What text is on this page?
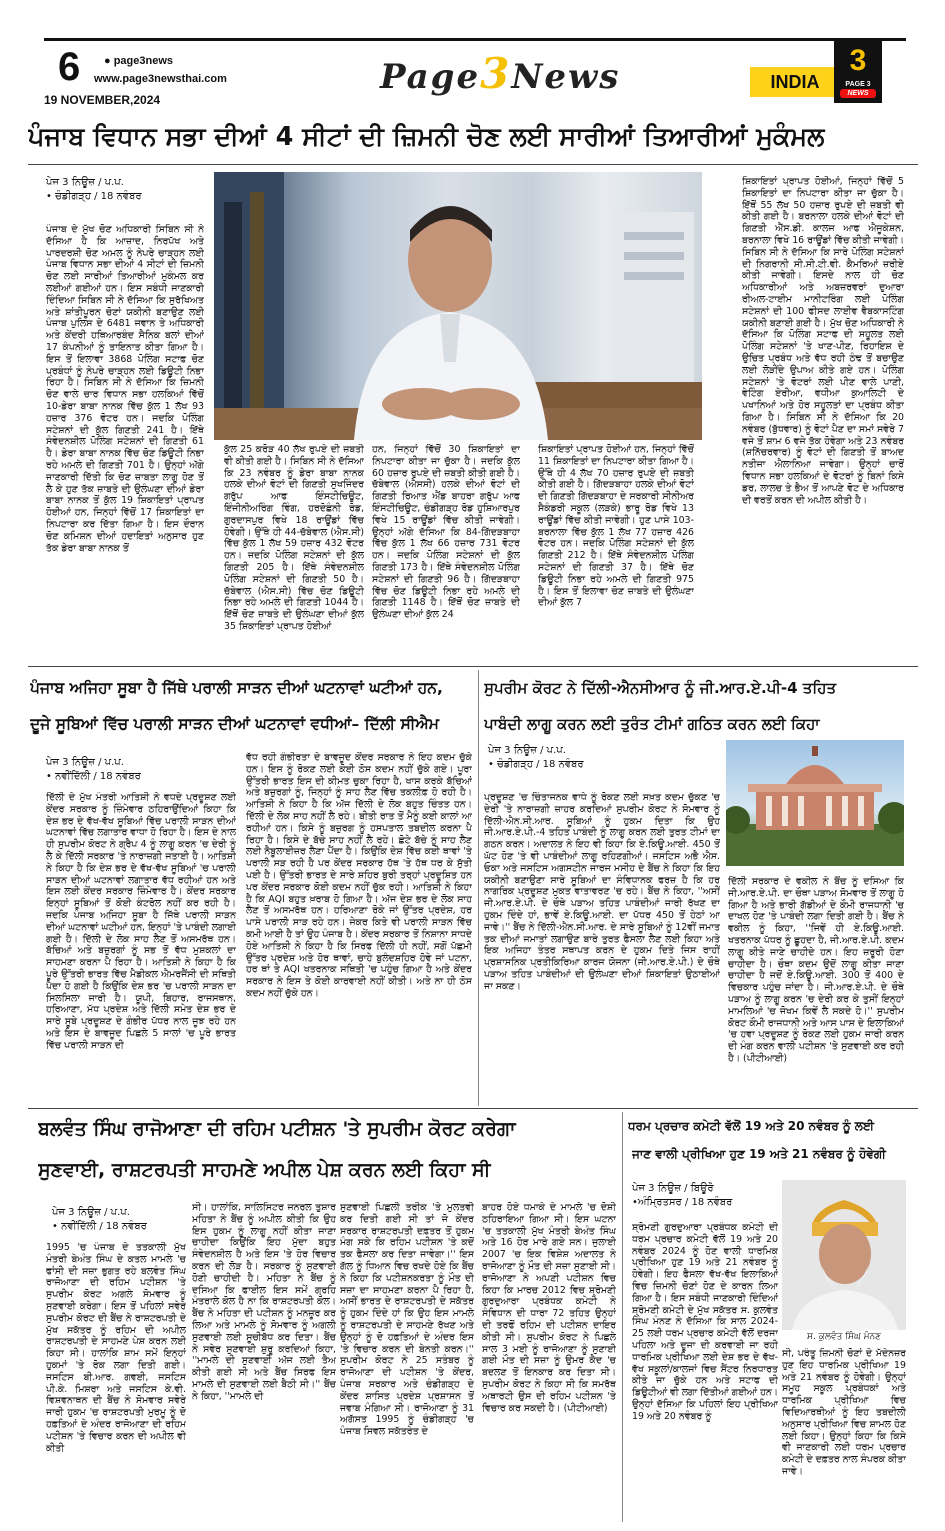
6 ● page3news
www.page3newsthai.com
19 NOVEMBER,2024
Page3News	INDIA
3
PAGE 3
NEWS
ਪੰਜਾਬ ਵਿਧਾਨ ਸਭਾ ਦੀਆਂ 4 ਸੀਟਾਂ ਦੀ ਜ਼ਿਮਨੀ ਚੋਣ ਲਈ ਸਾਰੀਆਂ ਤਿਆਰੀਆਂ ਮੁਕੰਮਲ
ਪੇਜ 3 ਨਿਊਜ਼ / ਪ.ਪ.
• ਚੰਡੀਗੜ੍ਹ / 18 ਨਵੰਬਰ
ਪੰਜਾਬ ਦੇ ਮੁੱਖ ਚੋਣ ਅਧਿਕਾਰੀ ਸਿਬਿਨ ਸੀ ਨੇ ਦੱਸਿਆ ਹੈ ਕਿ ਆਜ਼ਾਦ, ਨਿਰਪੱਖ ਅਤੇ ਪਾਰਦਰਸ਼ੀ ਚੋਣ ਅਮਲ ਨੂੰ ਨੇਪਰੇ ਚਾੜ੍ਹਨ ਲਈ ਪੰਜਾਬ ਵਿਧਾਨ ਸਭਾ ਦੀਆਂ 4 ਸੀਟਾਂ ਦੀ ਜ਼ਿਮਨੀ ਚੋਣ ਲਈ ਸਾਰੀਆਂ ਤਿਆਰੀਆਂ ਮੁਕੰਮਲ ਕਰ ਲਈਆਂ ਗਈਆਂ ਹਨ। ਇਸ ਸਬੰਧੀ ਜਾਣਕਾਰੀ ਦਿੰਦਿਆ ਸਿਬਿਨ ਸੀ ਨੇ ਦੱਸਿਆ ਕਿ ਸੁਰੱਖਿਅਤ ਅਤੇ ਸ਼ਾਂਤੀਪੂਰਨ ਚੋਣਾਂ ਯਕੀਨੀ ਬਣਾਉਣ ਲਈ ਪੰਜਾਬ ਪੁਲਿਸ ਦੇ 6481 ਜਵਾਨ ਤੇ ਅਧਿਕਾਰੀ ਅਤੇ ਕੇਂਦਰੀ ਹਥਿਆਰਬੰਦ ਸੈਨਿਕ ਬਲਾਂ ਦੀਆਂ 17 ਕੰਪਨੀਆਂ ਨੂੰ ਤਾਇਨਾਤ ਕੀਤਾ ਗਿਆ ਹੈ। ਇਸ ਤੋਂ ਇਲਾਵਾ 3868 ਪੋਲਿੰਗ ਸਟਾਫ ਚੋਣ ਪ੍ਰਬੰਧਾਂ ਨੂੰ ਨੇਪਰੇ ਚਾੜ੍ਹਨ ਲਈ ਡਿਊਟੀ ਨਿਭਾ ਰਿਹਾ ਹੈ। ਸਿਬਿਨ ਸੀ ਨੇ ਦੱਸਿਆ ਕਿ ਜ਼ਿਮਨੀ ਚੋਣ ਵਾਲੇ ਚਾਰ ਵਿਧਾਨ ਸਭਾ ਹਲਕਿਆਂ ਵਿੱਚੋਂ 10-ਡੇਰਾ ਬਾਬਾ ਨਾਨਕ ਵਿੱਚ ਕੁੱਲ 1 ਲੱਖ 93 ਹਜ਼ਾਰ 376 ਵੋਟਰ ਹਨ। ਜਦਕਿ ਪੋਲਿੰਗ ਸਟੇਸ਼ਨਾਂ ਦੀ ਕੁੱਲ ਗਿਣਤੀ 241 ਹੈ। ਇੱਥੇ ਸੰਵੇਦਨਸ਼ੀਲ ਪੋਲਿੰਗ ਸਟੇਸ਼ਨਾਂ ਦੀ ਗਿਣਤੀ 61 ਹੈ। ਡੇਰਾ ਬਾਬਾ ਨਾਨਕ ਵਿੱਚ ਚੋਣ ਡਿਊਟੀ ਨਿਭਾ ਰਹੇ ਅਮਲੇ ਦੀ ਗਿਣਤੀ 701 ਹੈ। ਉਨ੍ਹਾਂ ਅੱਗੇ ਜਾਣਕਾਰੀ ਦਿੱਤੀ ਕਿ ਚੋਣ ਜ਼ਾਬਤਾ ਲਾਗੂ ਹੋਣ ਤੋਂ ਲੈ ਕੇ ਹੁਣ ਤੱਕ ਜ਼ਾਬਤੇ ਦੀ ਉਲੰਘਣਾ ਦੀਆਂ ਡੇਰਾ ਬਾਬਾ ਨਾਨਕ ਤੋਂ ਕੁੱਲ 19 ਸ਼ਿਕਾਇਤਾਂ ਪ੍ਰਾਪਤ ਹੋਈਆਂ ਹਨ, ਜਿਨ੍ਹਾਂ ਵਿੱਚੋਂ 17 ਸ਼ਿਕਾਇਤਾਂ ਦਾ ਨਿਪਟਾਰਾ ਕਰ ਦਿੱਤਾ ਗਿਆ ਹੈ। ਇਸ ਦੌਰਾਨ ਚੋਣ ਕਮਿਸ਼ਨ ਦੀਆਂ ਹਦਾਇਤਾਂ ਅਨੁਸਾਰ ਹੁਣ ਤੱਕ ਡੇਰਾ ਬਾਬਾ ਨਾਨਕ ਤੋਂ
ਕੁੱਲ 25 ਕਰੋੜ 40 ਲੱਖ ਰੁਪਏ ਦੀ ਜ਼ਬਤੀ ਵੀ ਕੀਤੀ ਗਈ ਹੈ। ਸਿਬਿਨ ਸੀ ਨੇ ਦੱਸਿਆ ਕਿ 23 ਨਵੰਬਰ ਨੂੰ ਡੇਰਾ ਬਾਬਾ ਨਾਨਕ ਹਲਕੇ ਦੀਆਂ ਵੋਟਾਂ ਦੀ ਗਿਣਤੀ ਸੁਖਜਿੰਦਰ ਗਰੁੱਪ ਆਫ ਇੰਸਟੀਚਿਊਟ, ਇੰਜੀਨੀਅਰਿੰਗ ਵਿੰਗ, ਹਰਦੋਛੰਨੀ ਰੋਡ, ਗੁਰਦਾਸਪੁਰ ਵਿਖੇ 18 ਰਾਊਂਡਾਂ ਵਿੱਚ ਹੋਵੇਗੀ। ਉੱਥੇ ਹੀ 44-ਚੱਬੇਵਾਲ (ਐਸ.ਸੀ) ਵਿੱਚ ਕੁੱਲ 1 ਲੱਖ 59 ਹਜ਼ਾਰ 432 ਵੋਟਰ ਹਨ। ਜਦਕਿ ਪੋਲਿੰਗ ਸਟੇਸ਼ਨਾਂ ਦੀ ਕੁੱਲ ਗਿਣਤੀ 205 ਹੈ। ਇੱਥੇ ਸੰਵੇਦਨਸ਼ੀਲ ਪੋਲਿੰਗ ਸਟੇਸ਼ਨਾਂ ਦੀ ਗਿਣਤੀ 50 ਹੈ। ਚੱਬੇਵਾਲ (ਐਸ.ਸੀ) ਵਿੱਚ ਚੋਣ ਡਿਊਟੀ ਨਿਭਾ ਰਹੇ ਅਮਲੇ ਦੀ ਗਿਣਤੀ 1044 ਹੈ। ਇੱਥੋਂ ਚੋਣ ਜ਼ਾਬਤੇ ਦੀ ਉਲੰਘਣਾ ਦੀਆਂ ਕੁੱਲ 35 ਸ਼ਿਕਾਇਤਾਂ ਪ੍ਰਾਪਤ ਹੋਈਆਂ
ਹਨ, ਜਿਨ੍ਹਾਂ ਵਿੱਚੋਂ 30 ਸ਼ਿਕਾਇਤਾਂ ਦਾ ਨਿਪਟਾਰਾ ਕੀਤਾ ਜਾ ਚੁੱਕਾ ਹੈ। ਜਦਕਿ ਕੁੱਲ 60 ਹਜ਼ਾਰ ਰੁਪਏ ਦੀ ਜ਼ਬਤੀ ਕੀਤੀ ਗਈ ਹੈ। ਚੱਬੇਵਾਲ (ਐਸਸੀ) ਹਲਕੇ ਦੀਆਂ ਵੋਟਾਂ ਦੀ ਗਿਣਤੀ ਰਿਆਤ ਐਂਡ ਬਾਹਰਾ ਗਰੁੱਪ ਆਫ ਇੰਸਟੀਚਿਊਟ, ਚੰਡੀਗੜ੍ਹ ਰੋਡ ਹੁਸ਼ਿਆਰਪੁਰ ਵਿਖੇ 15 ਰਾਊਂਡਾਂ ਵਿੱਚ ਕੀਤੀ ਜਾਵੇਗੀ। ਉਨ੍ਹਾਂ ਅੱਗੇ ਦੱਸਿਆ ਕਿ 84-ਗਿੱਦੜਬਾਹਾ ਵਿੱਚ ਕੁੱਲ 1 ਲੱਖ 66 ਹਜ਼ਾਰ 731 ਵੋਟਰ ਹਨ। ਜਦਕਿ ਪੋਲਿੰਗ ਸਟੇਸ਼ਨਾਂ ਦੀ ਕੁੱਲ ਗਿਣਤੀ 173 ਹੈ। ਇੱਥੇ ਸੰਵੇਦਨਸ਼ੀਲ ਪੋਲਿੰਗ ਸਟੇਸ਼ਨਾਂ ਦੀ ਗਿਣਤੀ 96 ਹੈ। ਗਿੱਦੜਬਾਹਾ ਵਿੱਚ ਚੋਣ ਡਿਊਟੀ ਨਿਭਾ ਰਹੇ ਅਮਲੇ ਦੀ ਗਿਣਤੀ 1148 ਹੈ। ਇੱਥੋਂ ਚੋਣ ਜ਼ਾਬਤੇ ਦੀ ਉਲੰਘਣਾ ਦੀਆਂ ਕੁੱਲ 24
ਸ਼ਿਕਾਇਤਾਂ ਪ੍ਰਾਪਤ ਹੋਈਆਂ ਹਨ, ਜਿਨ੍ਹਾਂ ਵਿੱਚੋਂ 11 ਸ਼ਿਕਾਇਤਾਂ ਦਾ ਨਿਪਟਾਰਾ ਕੀਤਾ ਗਿਆ ਹੈ। ਉੱਥੇ ਹੀ 4 ਲੱਖ 70 ਹਜ਼ਾਰ ਰੁਪਏ ਦੀ ਜ਼ਬਤੀ ਕੀਤੀ ਗਈ ਹੈ। ਗਿੱਦੜਬਾਹਾ ਹਲਕੇ ਦੀਆਂ ਵੋਟਾਂ ਦੀ ਗਿਣਤੀ ਗਿੱਦੜਬਾਹਾ ਦੇ ਸਰਕਾਰੀ ਸੀਨੀਅਰ ਸੈਕੰਡਰੀ ਸਕੂਲ (ਲੜਕੇ) ਭਾਰੂ ਰੋਡ ਵਿਖੇ 13 ਰਾਊਂਡਾਂ ਵਿੱਚ ਕੀਤੀ ਜਾਵੇਗੀ। ਹੁਣ ਪਾਸੇ 103-ਬਰਨਾਲਾ ਵਿੱਚ ਕੁੱਲ 1 ਲੱਖ 77 ਹਜ਼ਾਰ 426 ਵੋਟਰ ਹਨ। ਜਦਕਿ ਪੋਲਿੰਗ ਸਟੇਸ਼ਨਾਂ ਦੀ ਕੁੱਲ ਗਿਣਤੀ 212 ਹੈ। ਇੱਥੇ ਸੰਵੇਦਨਸ਼ੀਲ ਪੋਲਿੰਗ ਸਟੇਸ਼ਨਾਂ ਦੀ ਗਿਣਤੀ 37 ਹੈ। ਇੱਥੇ ਚੋਣ ਡਿਊਟੀ ਨਿਭਾ ਰਹੇ ਅਮਲੇ ਦੀ ਗਿਣਤੀ 975 ਹੈ। ਇਸ ਤੋਂ ਇਲਾਵਾ ਚੋਣ ਜ਼ਾਬਤੇ ਦੀ ਉਲੰਘਣਾ ਦੀਆਂ ਕੁੱਲ 7
ਸ਼ਿਕਾਇਤਾਂ ਪ੍ਰਾਪਤ ਹੋਈਆਂ, ਜਿਨ੍ਹਾਂ ਵਿੱਚੋਂ 5 ਸ਼ਿਕਾਇਤਾਂ ਦਾ ਨਿਪਟਾਰਾ ਕੀਤਾ ਜਾ ਚੁੱਕਾ ਹੈ। ਇੱਥੋਂ 55 ਲੱਖ 50 ਹਜ਼ਾਰ ਰੁਪਏ ਦੀ ਜ਼ਬਤੀ ਵੀ ਕੀਤੀ ਗਈ ਹੈ। ਬਰਨਾਲਾ ਹਲਕੇ ਦੀਆਂ ਵੋਟਾਂ ਦੀ ਗਿਣਤੀ ਐੱਸ.ਡੀ. ਕਾਲਜ ਆਫ ਐਜੂਕੇਸ਼ਨ, ਬਰਨਾਲਾ ਵਿਖੇ 16 ਰਾਊਂਡਾਂ ਵਿੱਚ ਕੀਤੀ ਜਾਵੇਗੀ। ਸਿਬਿਨ ਸੀ ਨੇ ਦੱਸਿਆ ਕਿ ਸਾਰੇ ਪੋਲਿੰਗ ਸਟੇਸ਼ਨਾਂ ਦੀ ਨਿਗਰਾਨੀ ਸੀ.ਸੀ.ਟੀ.ਵੀ. ਕੈਮਰਿਆਂ ਜ਼ਰੀਏ ਕੀਤੀ ਜਾਵੇਗੀ। ਇਸਦੇ ਨਾਲ ਹੀ ਚੋਣ ਅਧਿਕਾਰੀਆਂ ਅਤੇ ਅਬਜ਼ਰਵਰਾਂ ਦੁਆਰਾ ਰੀਅਲ-ਟਾਈਮ ਮਾਨੀਟਰਿੰਗ ਲਈ ਪੋਲਿੰਗ ਸਟੇਸ਼ਨਾਂ ਦੀ 100 ਫੀਸਦ ਲਾਈਵ ਵੈਬਕਾਸਟਿੰਗ ਯਕੀਨੀ ਬਣਾਈ ਗਈ ਹੈ। ਮੁੱਖ ਚੋਣ ਅਧਿਕਾਰੀ ਨੇ ਦੱਸਿਆ ਕਿ ਪੋਲਿੰਗ ਸਟਾਫ ਦੀ ਸਹੂਲਤ ਲਈ ਪੋਲਿੰਗ ਸਟੇਸ਼ਨਾਂ 'ਤੇ ਖਾਣ-ਪੀਣ, ਰਿਹਾਇਸ਼ ਦੇ ਉਚਿਤ ਪ੍ਰਬੰਧ ਅਤੇ ਵੱਧ ਰਹੀ ਠੰਢ ਤੋਂ ਬਚਾਉਣ ਲਈ ਲੋੜੀਂਦੇ ਉਪਾਅ ਕੀਤੇ ਗਏ ਹਨ। ਪੋਲਿੰਗ ਸਟੇਸ਼ਨਾਂ 'ਤੇ ਵੋਟਰਾਂ ਲਈ ਪੀਣ ਵਾਲੇ ਪਾਣੀ, ਵੇਟਿੰਗ ਏਰੀਆ, ਵਧੀਆ ਕੁਆਲਿਟੀ ਦੇ ਪਖਾਨਿਆਂ ਅਤੇ ਹੋਰ ਸਹੂਲਤਾਂ ਦਾ ਪ੍ਰਬੰਧ ਕੀਤਾ ਗਿਆ ਹੈ। ਸਿਬਿਨ ਸੀ ਨੇ ਦੱਸਿਆ ਕਿ 20 ਨਵੰਬਰ (ਬੁੱਧਵਾਰ) ਨੂੰ ਵੋਟਾਂ ਪੈਣ ਦਾ ਸਮਾਂ ਸਵੇਰੇ 7 ਵਜੇ ਤੋਂ ਸ਼ਾਮ 6 ਵਜੇ ਤੱਕ ਹੋਵੇਗਾ ਅਤੇ 23 ਨਵੰਬਰ (ਸ਼ਨਿੱਚਰਵਾਰ) ਨੂੰ ਵੋਟਾਂ ਦੀ ਗਿਣਤੀ ਤੋਂ ਬਾਅਦ ਨਤੀਜਾ ਐਲਾਨਿਆ ਜਾਵੇਗਾ। ਉਨ੍ਹਾਂ ਚਾਰੋਂ ਵਿਧਾਨ ਸਭਾ ਹਲਕਿਆਂ ਦੇ ਵੋਟਰਾਂ ਨੂੰ ਬਿਨਾਂ ਕਿਸੇ ਡਰ, ਲਾਲਚ ਤੇ ਭੈਅ ਤੋਂ ਆਪਣੇ ਵੋਟ ਦੇ ਅਧਿਕਾਰ ਦੀ ਵਰਤੋਂ ਕਰਨ ਦੀ ਅਪੀਲ ਕੀਤੀ ਹੈ।
ਪੰਜਾਬ ਅਜਿਹਾ ਸੂਬਾ ਹੈ ਜਿੱਥੇ ਪਰਾਲੀ ਸਾੜਨ ਦੀਆਂ ਘਟਨਾਵਾਂ ਘਟੀਆਂ ਹਨ,
ਦੂਜੇ ਸੂਬਿਆਂ ਵਿੱਚ ਪਰਾਲੀ ਸਾੜਨ ਦੀਆਂ ਘਟਨਾਵਾਂ ਵਧੀਆਂ– ਦਿੱਲੀ ਸੀਐਮ
ਪੇਜ 3 ਨਿਊਜ਼ / ਪ.ਪ.
• ਨਵੀਂਦਿੱਲੀ / 18 ਨਵੰਬਰ
ਦਿੱਲੀ ਦੇ ਮੁੱਖ ਮੰਤਰੀ ਆਤਿਸ਼ੀ ਨੇ ਵਧਦੇ ਪ੍ਰਦੂਸ਼ਣ ਲਈ ਕੇਂਦਰ ਸਰਕਾਰ ਨੂੰ ਜ਼ਿੰਮੇਵਾਰ ਠਹਿਰਾਉਂਦਿਆਂ ਕਿਹਾ ਕਿ ਦੇਸ਼ ਭਰ ਦੇ ਵੱਖ-ਵੱਖ ਸੂਬਿਆਂ ਵਿੱਚ ਪਰਾਲੀ ਸਾੜਨ ਦੀਆਂ ਘਟਨਾਵਾਂ ਵਿੱਚ ਲਗਾਤਾਰ ਵਾਧਾ ਹੋ ਰਿਹਾ ਹੈ। ਇਸ ਦੇ ਨਾਲ ਹੀ ਸੁਪਰੀਮ ਕੋਰਟ ਨੇ ਗ੍ਰੈਪ 4 ਨੂੰ ਲਾਗੂ ਕਰਨ 'ਚ ਦੇਰੀ ਨੂੰ ਲੈ ਕੇ ਦਿੱਲੀ ਸਰਕਾਰ 'ਤੇ ਨਾਰਾਜ਼ਗੀ ਜਤਾਈ ਹੈ। ਆਤਿਸ਼ੀ ਨੇ ਕਿਹਾ ਹੈ ਕਿ ਦੇਸ਼ ਭਰ ਦੇ ਵੱਖ-ਵੱਖ ਸੂਬਿਆਂ 'ਚ ਪਰਾਲੀ ਸਾੜਨ ਦੀਆਂ ਘਟਨਾਵਾਂ ਲਗਾਤਾਰ ਵੱਧ ਰਹੀਆਂ ਹਨ ਅਤੇ ਇਸ ਲਈ ਕੇਂਦਰ ਸਰਕਾਰ ਜ਼ਿੰਮੇਵਾਰ ਹੈ। ਕੇਂਦਰ ਸਰਕਾਰ ਇਨ੍ਹਾਂ ਸੂਬਿਆਂ ਤੋਂ ਕੋਈ ਕੰਟਰੋਲ ਨਹੀਂ ਕਰ ਰਹੀ ਹੈ। ਜਦਕਿ ਪੰਜਾਬ ਅਜਿਹਾ ਸੂਬਾ ਹੈ ਜਿੱਥੇ ਪਰਾਲੀ ਸਾੜਨ ਦੀਆਂ ਘਟਨਾਵਾਂ ਘਟੀਆਂ ਹਨ, ਇਨ੍ਹਾਂ 'ਤੇ ਪਾਬੰਦੀ ਲਗਾਈ ਗਈ ਹੈ। ਦਿੱਲੀ ਦੇ ਲੋਕ ਸਾਹ ਲੈਣ ਤੋਂ ਅਸਮਰੱਥ ਹਨ। ਬੱਚਿਆਂ ਅਤੇ ਬਜ਼ੁਰਗਾਂ ਨੂੰ ਸਭ ਤੋਂ ਵੱਧ ਮੁਸ਼ਕਲਾਂ ਦਾ ਸਾਹਮਣਾ ਕਰਨਾ ਪੈ ਰਿਹਾ ਹੈ। ਆਤਿਸ਼ੀ ਨੇ ਕਿਹਾ ਹੈ ਕਿ ਪੂਰੇ ਉੱਤਰੀ ਭਾਰਤ ਵਿੱਚ ਮੈਡੀਕਲ ਐਮਰਜੈਂਸੀ ਦੀ ਸਥਿਤੀ ਪੈਦਾ ਹੋ ਗਈ ਹੈ ਕਿਉਂਕਿ ਦੇਸ਼ ਭਰ 'ਚ ਪਰਾਲੀ ਸਾੜਨ ਦਾ ਸਿਲਸਿਲਾ ਜਾਰੀ ਹੈ। ਯੂਪੀ, ਬਿਹਾਰ, ਰਾਜਸਥਾਨ, ਹਰਿਆਣਾ, ਮੱਧ ਪ੍ਰਦੇਸ਼ ਅਤੇ ਦਿੱਲੀ ਸਮੇਤ ਦੇਸ਼ ਭਰ ਦੇ ਸਾਰੇ ਸੂਬੇ ਪ੍ਰਦੂਸ਼ਣ ਦੇ ਗੰਭੀਰ ਪੱਧਰ ਨਾਲ ਜੂਝ ਰਹੇ ਹਨ ਅਤੇ ਇਸ ਦੇ ਬਾਵਜੂਦ ਪਿਛਲੇ 5 ਸਾਲਾਂ 'ਚ ਪੂਰੇ ਭਾਰਤ ਵਿੱਚ ਪਰਾਲੀ ਸਾੜਨ ਦੀ
ਵੱਧ ਰਹੀ ਗੰਭੀਰਤਾ ਦੇ ਬਾਵਜੂਦ ਕੇਂਦਰ ਸਰਕਾਰ ਨੇ ਇਹ ਕਦਮ ਚੁੱਕੇ ਹਨ। ਇਸ ਨੂੰ ਰੋਕਣ ਲਈ ਕੋਈ ਠੋਸ ਕਦਮ ਨਹੀਂ ਚੁੱਕੇ ਗਏ। ਪੂਰਾ ਉੱਤਰੀ ਭਾਰਤ ਇਸ ਦੀ ਕੀਮਤ ਚੁਕਾ ਰਿਹਾ ਹੈ, ਖਾਸ ਕਰਕੇ ਬੱਚਿਆਂ ਅਤੇ ਬਜ਼ੁਰਗਾਂ ਨੂੰ, ਜਿਨ੍ਹਾਂ ਨੂੰ ਸਾਹ ਲੈਣ ਵਿੱਚ ਤਕਲੀਫ਼ ਹੋ ਰਹੀ ਹੈ। ਆਤਿਸ਼ੀ ਨੇ ਕਿਹਾ ਹੈ ਕਿ ਅੱਜ ਦਿੱਲੀ ਦੇ ਲੋਕ ਬਹੁਤ ਚਿੰਤਤ ਹਨ। ਦਿੱਲੀ ਦੇ ਲੋਕ ਸਾਹ ਨਹੀਂ ਲੈ ਰਹੇ। ਬੀਤੀ ਰਾਤ ਤੋਂ ਮੈਨੂੰ ਕਈ ਕਾਲਾਂ ਆ ਰਹੀਆਂ ਹਨ। ਕਿਸੇ ਨੂੰ ਬਜ਼ੁਰਗ ਨੂੰ ਹਸਪਤਾਲ ਤਬਦੀਲ ਕਰਨਾ ਪੈ ਰਿਹਾ ਹੈ। ਕਿਸੇ ਦੇ ਬੱਚੇ ਸਾਹ ਨਹੀਂ ਲੈ ਰਹੇ। ਛੋਟੇ ਬੱਚੇ ਨੂੰ ਸਾਹ ਲੈਣ ਲਈ ਨੈਬੂਲਾਈਜ਼ਰ ਲੈਣਾ ਪੈਂਦਾ ਹੈ। ਕਿਉਂਕਿ ਦੇਸ਼ ਵਿੱਚ ਕਈ ਥਾਵਾਂ 'ਤੇ ਪਰਾਲੀ ਸੜ ਰਹੀ ਹੈ ਪਰ ਕੇਂਦਰ ਸਰਕਾਰ ਹੱਥ 'ਤੇ ਹੱਥ ਧਰ ਕੇ ਸੁੱਤੀ ਪਈ ਹੈ। ਉੱਤਰੀ ਭਾਰਤ ਦੇ ਸਾਰੇ ਸ਼ਹਿਰ ਬੁਰੀ ਤਰ੍ਹਾਂ ਪ੍ਰਦੂਸ਼ਿਤ ਹਨ ਪਰ ਕੇਂਦਰ ਸਰਕਾਰ ਕੋਈ ਕਦਮ ਨਹੀਂ ਚੁੱਕ ਰਹੀ। ਆਤਿਸ਼ੀ ਨੇ ਕਿਹਾ ਹੈ ਕਿ AQI ਬਹੁਤ ਖ਼ਰਾਬ ਹੋ ਗਿਆ ਹੈ। ਅੱਜ ਦੇਸ਼ ਭਰ ਦੇ ਲੋਕ ਸਾਹ ਲੈਣ ਤੋਂ ਅਸਮਰੱਥ ਹਨ। ਹਰਿਆਣਾ ਰੋਕੇ ਜਾਂ ਉੱਤਰ ਪ੍ਰਦੇਸ਼, ਹਰ ਪਾਸੇ ਪਰਾਲੀ ਸਾੜ ਰਹੇ ਹਨ। ਜੇਕਰ ਕਿਤੇ ਵੀ ਪਰਾਲੀ ਸਾੜਨ ਵਿੱਚ ਕਮੀ ਆਈ ਹੈ ਤਾਂ ਉਹ ਪੰਜਾਬ ਹੈ। ਕੇਂਦਰ ਸਰਕਾਰ ਤੋਂ ਨਿਸ਼ਾਨਾ ਸਾਧਦੇ ਹੋਏ ਆਤਿਸ਼ੀ ਨੇ ਕਿਹਾ ਹੈ ਕਿ ਸਿਰਫ ਦਿੱਲੀ ਹੀ ਨਹੀਂ, ਸਗੋਂ ਪੱਛਮੀ ਉੱਤਰ ਪ੍ਰਦੇਸ਼ ਅਤੇ ਹੋਰ ਥਾਵਾਂ, ਚਾਹੇ ਬੁਲੰਦਸ਼ਹਿਰ ਹੋਵੇ ਜਾਂ ਪਟਨਾ, ਹਰ ਥਾਂ ਤੇ AQI ਖਤਰਨਾਕ ਸਥਿਤੀ 'ਚ ਪਹੁੰਚ ਗਿਆ ਹੈ ਅਤੇ ਕੇਂਦਰ ਸਰਕਾਰ ਨੇ ਇਸ ਤੇ ਕੋਈ ਕਾਰਵਾਈ ਨਹੀਂ ਕੀਤੀ। ਅਤੇ ਨਾ ਹੀ ਠੋਸ ਕਦਮ ਨਹੀਂ ਚੁੱਕੇ ਹਨ।
ਸੁਪਰੀਮ ਕੋਰਟ ਨੇ ਦਿੱਲੀ-ਐਨਸੀਆਰ ਨੂੰ ਜੀ.ਆਰ.ਏ.ਪੀ-4 ਤਹਿਤ
ਪਾਬੰਦੀ ਲਾਗੂ ਕਰਨ ਲਈ ਤੁਰੰਤ ਟੀਮਾਂ ਗਠਿਤ ਕਰਨ ਲਈ ਕਿਹਾ
ਪੇਜ 3 ਨਿਊਜ਼ / ਪ.ਪ.
• ਚੰਡੀਗੜ੍ਹ / 18 ਨਵੰਬਰ
ਪ੍ਰਦੂਸ਼ਣ 'ਚ ਚਿੰਤਾਜਨਕ ਵਾਧੇ ਨੂੰ ਰੋਕਣ ਲਈ ਸਖ਼ਤ ਕਦਮ ਚੁੱਕਣ 'ਚ ਦੇਰੀ 'ਤੇ ਨਾਰਾਜ਼ਗੀ ਜ਼ਾਹਰ ਕਰਦਿਆਂ ਸੁਪਰੀਮ ਕੋਰਟ ਨੇ ਸੋਮਵਾਰ ਨੂੰ ਦਿੱਲੀ-ਐਨ.ਸੀ.ਆਰ. ਸੂਬਿਆਂ ਨੂੰ ਹੁਕਮ ਦਿਤਾ ਕਿ ਉਹ ਜੀ.ਆਰ.ਏ.ਪੀ.-4 ਤਹਿਤ ਪਾਬੰਦੀ ਨੂੰ ਲਾਗੂ ਕਰਨ ਲਈ ਤੁਰਤ ਟੀਮਾਂ ਦਾ ਗਠਨ ਕਰਨ। ਅਦਾਲਤ ਨੇ ਇਹ ਵੀ ਕਿਹਾ ਕਿ ਏ.ਕਿਊ.ਆਈ. 450 ਤੋਂ ਘੱਟ ਹੋਣ 'ਤੇ ਵੀ ਪਾਬੰਦੀਆਂ ਲਾਗੂ ਰਹਿਣਗੀਆਂ। ਜਸਟਿਸ ਅਭੈ ਐਸ. ਓਕਾ ਅਤੇ ਜਸਟਿਸ ਅਗਸਟੀਨ ਜਾਰਜ ਮਸੀਹ ਦੇ ਬੈਂਚ ਨੇ ਕਿਹਾ ਕਿ ਇਹ ਯਕੀਨੀ ਬਣਾਉਣਾ ਸਾਰੇ ਸੂਬਿਆਂ ਦਾ ਸੰਵਿਧਾਨਕ ਫਰਜ਼ ਹੈ ਕਿ ਹਰ ਨਾਗਰਿਕ ਪ੍ਰਦੂਸ਼ਣ ਮੁਕਤ ਵਾਤਾਵਰਣ 'ਚ ਰਹੇ। ਬੈਂਚ ਨੇ ਕਿਹਾ, ''ਅਸੀਂ ਜੀ.ਆਰ.ਏ.ਪੀ. ਦੇ ਚੌਥੇ ਪੜਾਅ ਤਹਿਤ ਪਾਬੰਦੀਆਂ ਜਾਰੀ ਰੱਖਣ ਦਾ ਹੁਕਮ ਦਿੰਦੇ ਹਾਂ, ਭਾਵੇਂ ਏ.ਕਿਊ.ਆਈ. ਦਾ ਪੱਧਰ 450 ਤੋਂ ਹੇਠਾਂ ਆ ਜਾਵੇ।'' ਬੈਂਚ ਨੇ ਦਿੱਲੀ-ਐਨ.ਸੀ.ਆਰ. ਦੇ ਸਾਰੇ ਸੂਬਿਆਂ ਨੂੰ 12ਵੀਂ ਜਮਾਤ ਤਕ ਦੀਆਂ ਜਮਾਤਾਂ ਲਗਾਉਣ ਬਾਰੇ ਤੁਰਤ ਫੈਸਲਾ ਲੈਣ ਲਈ ਕਿਹਾ ਅਤੇ ਇਕ ਅਜਿਹਾ ਤੰਤਰ ਸਥਾਪਤ ਕਰਨ ਦੇ ਹੁਕਮ ਦਿਤੇ ਜਿਸ ਰਾਹੀਂ ਪ੍ਰਸ਼ਾਸਨਿਕ ਪ੍ਰਤੀਕਿਰਿਆ ਕਾਰਜ ਯੋਜਨਾ (ਜੀ.ਆਰ.ਏ.ਪੀ.) ਦੇ ਚੌਥੇ ਪੜਾਅ ਤਹਿਤ ਪਾਬੰਦੀਆਂ ਦੀ ਉਲੰਘਣਾ ਦੀਆਂ ਸ਼ਿਕਾਇਤਾਂ ਉਠਾਈਆਂ ਜਾ ਸਕਣ।
ਦਿੱਲੀ ਸਰਕਾਰ ਦੇ ਵਕੀਲ ਨੇ ਬੈਂਚ ਨੂੰ ਦਸਿਆ ਕਿ ਜੀ.ਆਰ.ਏ.ਪੀ. ਦਾ ਚੌਥਾ ਪੜਾਅ ਸੋਮਵਾਰ ਤੋਂ ਲਾਗੂ ਹੋ ਗਿਆ ਹੈ ਅਤੇ ਭਾਰੀ ਗੱਡੀਆਂ ਦੇ ਕੌਮੀ ਰਾਜਧਾਨੀ 'ਚ ਦਾਖਲ ਹੋਣ 'ਤੇ ਪਾਬੰਦੀ ਲਗਾ ਦਿਤੀ ਗਈ ਹੈ। ਬੈਂਚ ਨੇ ਵਕੀਲ ਨੂੰ ਕਿਹਾ, ''ਜਿਵੇਂ ਹੀ ਏ.ਕਿਊ.ਆਈ. ਖਤਰਨਾਕ ਪੱਧਰ ਨੂੰ ਛੂਹਦਾ ਹੈ, ਜੀ.ਆਰ.ਏ.ਪੀ. ਕਦਮ ਲਾਗੂ ਕੀਤੇ ਜਾਣੇ ਚਾਹੀਦੇ ਹਨ। ਇਹ ਜ਼ਰੂਰੀ ਹੋਣਾ ਚਾਹੀਦਾ ਹੈ। ਚੌਥਾ ਕਦਮ ਉਦੋਂ ਲਾਗੂ ਕੀਤਾ ਜਾਣਾ ਚਾਹੀਦਾ ਹੈ ਜਦੋਂ ਏ.ਕਿਊ.ਆਈ. 300 ਤੋਂ 400 ਦੇ ਵਿਚਕਾਰ ਪਹੁੰਚ ਜਾਂਦਾ ਹੈ। ਜੀ.ਆਰ.ਏ.ਪੀ. ਦੇ ਚੌਥੇ ਪੜਾਅ ਨੂੰ ਲਾਗੂ ਕਰਨ 'ਚ ਦੇਰੀ ਕਰ ਕੇ ਤੁਸੀਂ ਇਨ੍ਹਾਂ ਮਾਮਲਿਆਂ 'ਚ ਜੋਖਮ ਕਿਵੇਂ ਲੈ ਸਕਦੇ ਹੋ।'' ਸੁਪਰੀਮ ਕੋਰਟ ਕੌਮੀ ਰਾਜਧਾਨੀ ਅਤੇ ਆਸ ਪਾਸ ਦੇ ਇਲਾਕਿਆਂ 'ਚ ਹਵਾ ਪ੍ਰਦੂਸ਼ਣ ਨੂੰ ਰੋਕਣ ਲਈ ਹੁਕਮ ਜਾਰੀ ਕਰਨ ਦੀ ਮੰਗ ਕਰਨ ਵਾਲੀ ਪਟੀਸ਼ਨ 'ਤੇ ਸੁਣਵਾਈ ਕਰ ਰਹੀ ਹੈ। (ਪੀਟੀਆਈ)
ਬਲਵੰਤ ਸਿੰਘ ਰਾਜੋਆਣਾ ਦੀ ਰਹਿਮ ਪਟੀਸ਼ਨ 'ਤੇ ਸੁਪਰੀਮ ਕੋਰਟ ਕਰੇਗਾ
ਸੁਣਵਾਈ, ਰਾਸ਼ਟਰਪਤੀ ਸਾਹਮਣੇ ਅਪੀਲ ਪੇਸ਼ ਕਰਨ ਲਈ ਕਿਹਾ ਸੀ
ਪੇਜ 3 ਨਿਊਜ਼ / ਪ.ਪ.
• ਨਵੀਂਦਿੱਲੀ / 18 ਨਵੰਬਰ
1995 'ਚ ਪੰਜਾਬ ਦੇ ਤਤਕਾਲੀ ਮੁੱਖ ਮੰਤਰੀ ਬੇਅੰਤ ਸਿੰਘ ਦੇ ਕਤਲ ਮਾਮਲੇ 'ਚ ਫਾਂਸੀ ਦੀ ਸਜ਼ਾ ਭੁਗਤ ਰਹੇ ਬਲਵੰਤ ਸਿੰਘ ਰਾਜੋਆਣਾ ਦੀ ਰਹਿਮ ਪਟੀਸ਼ਨ 'ਤੇ ਸੁਪਰੀਮ ਕੋਰਟ ਅਗਲੇ ਸੋਮਵਾਰ ਨੂੰ ਸੁਣਵਾਈ ਕਰੇਗਾ। ਇਸ ਤੋਂ ਪਹਿਲਾਂ ਸਵੇਰੇ ਸੁਪਰੀਮ ਕੋਰਟ ਦੀ ਬੈਂਚ ਨੇ ਰਾਸ਼ਟਰਪਤੀ ਦੇ ਮੁੱਖ ਸਕੱਤਰ ਨੂੰ ਰਹਿਮ ਦੀ ਅਪੀਲ ਰਾਸ਼ਟਰਪਤੀ ਦੇ ਸਾਹਮਣੇ ਪੇਸ਼ ਕਰਨ ਲਈ ਕਿਹਾ ਸੀ। ਹਾਲਾਂਕਿ ਸ਼ਾਮ ਸਮੇਂ ਇਨ੍ਹਾਂ ਹੁਕਮਾਂ 'ਤੇ ਰੋਕ ਲਗਾ ਦਿਤੀ ਗਈ। ਜਸਟਿਸ ਬੀ.ਆਰ. ਗਵਈ, ਜਸਟਿਸ ਪੀ.ਕੇ. ਮਿਸ਼ਰਾ ਅਤੇ ਜਸਟਿਸ ਕੇ.ਵੀ. ਵਿਸ਼ਵਨਾਥਨ ਦੀ ਬੈਂਚ ਨੇ ਸੋਮਵਾਰ ਸਵੇਰੇ ਜਾਰੀ ਹੁਕਮ 'ਚ ਰਾਸ਼ਟਰਪਤੀ ਮੁਰਮੂ ਨੂੰ ਦੋ ਹਫ਼ਤਿਆਂ ਦੇ ਅੰਦਰ ਰਾਜੋਆਣਾ ਦੀ ਰਹਿਮ ਪਟੀਸ਼ਨ 'ਤੇ ਵਿਚਾਰ ਕਰਨ ਦੀ ਅਪੀਲ ਵੀ ਕੀਤੀ
ਸੀ। ਹਾਲਾਂਕਿ, ਸਾਲਿਸਿਟਰ ਜਨਰਲ ਤੁਸ਼ਾਰ ਮਹਿਤਾ ਨੇ ਬੈਂਚ ਨੂੰ ਅਪੀਲ ਕੀਤੀ ਕਿ ਉਹ ਇਸ ਹੁਕਮ ਨੂੰ ਲਾਗੂ ਨਹੀਂ ਕੀਤਾ ਜਾਣਾ ਚਾਹੀਦਾ ਕਿਉਂਕਿ ਇਹ ਮੁੱਦਾ ਬਹੁਤ ਸੰਵੇਦਨਸ਼ੀਲ ਹੈ ਅਤੇ ਇਸ 'ਤੇ ਹੋਰ ਵਿਚਾਰ ਕਰਨ ਦੀ ਲੋੜ ਹੈ। ਸਰਕਾਰ ਨੂੰ ਸੁਣਵਾਈ ਹੋਣੀ ਚਾਹੀਦੀ ਹੈ। ਮਹਿਤਾ ਨੇ ਬੈਂਚ ਨੂੰ ਦਸਿਆ ਕਿ ਫਾਈਲ ਇਸ ਸਮੇਂ ਗ੍ਰਹਿ ਮੰਤਰਾਲੇ ਕੋਲ ਹੈ ਨਾ ਕਿ ਰਾਸ਼ਟਰਪਤੀ ਕੋਲ। ਬੈਂਚ ਨੇ ਮਹਿਤਾ ਦੀ ਪਟੀਸ਼ਨ ਨੂੰ ਮਨਜ਼ੂਰ ਕਰ ਲਿਆ ਅਤੇ ਮਾਮਲੇ ਨੂੰ ਸੋਮਵਾਰ ਨੂੰ ਅਗਲੀ ਸੁਣਵਾਈ ਲਈ ਸੂਚੀਬੱਧ ਕਰ ਦਿਤਾ। ਬੈਂਚ ਨੇ ਸਵੇਰ ਸੁਣਵਾਈ ਸ਼ੁਰੂ ਕਰਦਿਆਂ ਕਿਹਾ, ''ਮਾਮਲੇ ਦੀ ਸੁਣਵਾਈ ਅੱਜ ਲਈ ਤੈਅ ਕੀਤੀ ਗਈ ਸੀ ਅਤੇ ਬੈਂਚ ਸਿਰਫ ਇਸ ਮਾਮਲੇ ਦੀ ਸੁਣਵਾਈ ਲਈ ਬੈਠੀ ਸੀ।'' ਬੈਂਚ ਨੇ ਕਿਹਾ, ''ਮਾਮਲੇ ਦੀ
ਸੁਣਵਾਈ ਪਿਛਲੀ ਤਰੀਕ 'ਤੇ ਮੁਲਤਵੀ ਕਰ ਦਿਤੀ ਗਈ ਸੀ ਤਾਂ ਜੋ ਕੇਂਦਰ ਸਰਕਾਰ ਰਾਸ਼ਟਰਪਤੀ ਦਫ਼ਤਰ ਤੋਂ ਹੁਕਮ ਮੰਗ ਸਕੇ ਕਿ ਰਹਿਮ ਪਟੀਸ਼ਨ 'ਤੇ ਕਦੋਂ ਤਕ ਫੈਸਲਾ ਕਰ ਦਿਤਾ ਜਾਵੇਗਾ।'' ਇਸ ਗੱਲ ਨੂੰ ਧਿਆਨ ਵਿਚ ਰਖਦੇ ਹੋਏ ਕਿ ਬੈਂਚ ਨੇ ਕਿਹਾ ਕਿ ਪਟੀਸ਼ਨਕਰਤਾ ਨੂੰ ਮੌਤ ਦੀ ਸਜ਼ਾ ਦਾ ਸਾਹਮਣਾ ਕਰਨਾ ਪੈ ਰਿਹਾ ਹੈ, ਅਸੀਂ ਭਾਰਤ ਦੇ ਰਾਸ਼ਟਰਪਤੀ ਦੇ ਸਕੱਤਰ ਨੂੰ ਹੁਕਮ ਦਿੰਦੇ ਹਾਂ ਕਿ ਉਹ ਇਸ ਮਾਮਲੇ ਨੂੰ ਰਾਸ਼ਟਰਪਤੀ ਦੇ ਸਾਹਮਣੇ ਰੱਖਣ ਅਤੇ ਉਨ੍ਹਾਂ ਨੂੰ ਦੋ ਹਫ਼ਤਿਆਂ ਦੇ ਅੰਦਰ ਇਸ 'ਤੇ ਵਿਚਾਰ ਕਰਨ ਦੀ ਬੇਨਤੀ ਕਰਨ।'' ਸੁਪਰੀਮ ਕੋਰਟ ਨੇ 25 ਸਤੰਬਰ ਨੂੰ ਰਾਜੋਆਣਾ ਦੀ ਪਟੀਸ਼ਨ 'ਤੇ ਕੇਂਦਰ, ਪੰਜਾਬ ਸਰਕਾਰ ਅਤੇ ਚੰਡੀਗੜ੍ਹ ਦੇ ਕੇਂਦਰ ਸ਼ਾਸਿਤ ਪ੍ਰਦੇਸ਼ ਪ੍ਰਸ਼ਾਸਨ ਤੋਂ ਜਵਾਬ ਮੰਗਿਆ ਸੀ। ਰਾਜੋਆਣਾ ਨੂੰ 31 ਅਗੱਸਤ 1995 ਨੂੰ ਚੰਡੀਗੜ੍ਹ 'ਚ ਪੰਜਾਬ ਸਿਵਲ ਸਕੱਤਰੇਤ ਦੇ
ਬਾਹਰ ਹੋਏ ਧਮਾਕੇ ਦੇ ਮਾਮਲੇ 'ਚ ਦੋਸ਼ੀ ਠਹਿਰਾਇਆ ਗਿਆ ਸੀ। ਇਸ ਘਟਨਾ 'ਚ ਤਤਕਾਲੀ ਮੁੱਖ ਮੰਤਰੀ ਬੇਅੰਤ ਸਿੰਘ ਅਤੇ 16 ਹੋਰ ਮਾਰੇ ਗਏ ਸਨ। ਜੁਲਾਈ 2007 'ਚ ਇਕ ਵਿਸ਼ੇਸ਼ ਅਦਾਲਤ ਨੇ ਰਾਜੋਆਣਾ ਨੂੰ ਮੌਤ ਦੀ ਸਜ਼ਾ ਸੁਣਾਈ ਸੀ। ਰਾਜੋਆਣਾ ਨੇ ਅਪਣੀ ਪਟੀਸ਼ਨ ਵਿਚ ਕਿਹਾ ਕਿ ਮਾਰਚ 2012 ਵਿਚ ਸ਼੍ਰੋਮਣੀ ਗੁਰਦੁਆਰਾ ਪ੍ਰਬੰਧਕ ਕਮੇਟੀ ਨੇ ਸੰਵਿਧਾਨ ਦੀ ਧਾਰਾ 72 ਤਹਿਤ ਉਨ੍ਹਾਂ ਦੀ ਤਰਫੋਂ ਰਹਿਮ ਦੀ ਪਟੀਸ਼ਨ ਦਾਇਰ ਕੀਤੀ ਸੀ। ਸੁਪਰੀਮ ਕੋਰਟ ਨੇ ਪਿਛਲੇ ਸਾਲ 3 ਮਈ ਨੂੰ ਰਾਜੋਆਣਾ ਨੂੰ ਸੁਣਾਈ ਗਈ ਮੌਤ ਦੀ ਸਜ਼ਾ ਨੂੰ ਉਮਰ ਕੈਦ 'ਚ ਬਦਲਣ ਤੋਂ ਇਨਕਾਰ ਕਰ ਦਿਤਾ ਸੀ। ਸੁਪਰੀਮ ਕੋਰਟ ਨੇ ਕਿਹਾ ਸੀ ਕਿ ਸਮਰੱਥ ਅਥਾਰਟੀ ਉਸ ਦੀ ਰਹਿਮ ਪਟੀਸ਼ਨ 'ਤੇ ਵਿਚਾਰ ਕਰ ਸਕਦੀ ਹੈ। (ਪੀਟੀਆਈ)
ਧਰਮ ਪ੍ਰਚਾਰ ਕਮੇਟੀ ਵੱਲੋਂ 19 ਅਤੇ 20 ਨਵੰਬਰ ਨੂੰ ਲਈ
ਜਾਣ ਵਾਲੀ ਪ੍ਰੀਖਿਆ ਹੁਣ 19 ਅਤੇ 21 ਨਵੰਬਰ ਨੂੰ ਹੋਵੇਗੀ
ਪੇਜ 3 ਨਿਊਜ਼ / ਬਿਊਰੋ
•ਅੰਮ੍ਰਿਤਸਰ / 18 ਨਵੰਬਰ
ਸ਼੍ਰੋਮਣੀ ਗੁਰਦੁਆਰਾ ਪ੍ਰਬੰਧਕ ਕਮੇਟੀ ਦੀ ਧਰਮ ਪ੍ਰਚਾਰ ਕਮੇਟੀ ਵੱਲੋਂ 19 ਅਤੇ 20 ਨਵੰਬਰ 2024 ਨੂੰ ਹੋਣ ਵਾਲੀ ਧਾਰਮਿਕ ਪ੍ਰੀਖਿਆ ਹੁਣ 19 ਅਤੇ 21 ਨਵੰਬਰ ਨੂੰ ਹੋਵੇਗੀ। ਇਹ ਫੈਸਲਾ ਵੱਖ-ਵੱਖ ਇਲਾਕਿਆਂ ਵਿਚ ਜ਼ਿਮਨੀ ਚੋਣਾਂ ਹੋਣ ਦੇ ਕਾਰਨ ਲਿਆ ਗਿਆ ਹੈ। ਇਸ ਸਬੰਧੀ ਜਾਣਕਾਰੀ ਦਿੰਦਿਆਂ ਸ਼੍ਰੋਮਣੀ ਕਮੇਟੀ ਦੇ ਮੁੱਖ ਸਕੱਤਰ ਸ. ਕੁਲਵੰਤ ਸਿੰਘ ਮੰਨਣ ਨੇ ਦੱਸਿਆ ਕਿ ਸਾਲ 2024-25 ਲਈ ਧਰਮ ਪ੍ਰਚਾਰ ਕਮੇਟੀ ਵੱਲੋਂ ਦਰਜਾ ਪਹਿਲਾ ਅਤੇ ਦੂਜਾ ਦੀ ਕਰਵਾਈ ਜਾ ਰਹੀ ਧਾਰਮਿਕ ਪ੍ਰੀਖਿਆ ਲਈ ਦੇਸ਼ ਭਰ ਦੇ ਵੱਖ-ਵੱਖ ਸਕੂਲਾਂ/ਕਾਲਜਾਂ ਵਿਚ ਸੈਂਟਰ ਨਿਰਧਾਰਤ ਕੀਤੇ ਜਾ ਚੁੱਕੇ ਹਨ ਅਤੇ ਸਟਾਫ ਦੀ ਡਿਊਟੀਆਂ ਵੀ ਲਗਾ ਦਿੱਤੀਆਂ ਗਈਆਂ ਹਨ। ਉਨ੍ਹਾਂ ਦੱਸਿਆ ਕਿ ਪਹਿਲਾਂ ਇਹ ਪ੍ਰੀਖਿਆ 19 ਅਤੇ 20 ਨਵੰਬਰ ਨੂੰ
ਸ. ਕੁਲਵੰਤ ਸਿੰਘ ਮੰਨਣ
ਸੀ, ਪਰੰਤੂ ਜ਼ਿਮਨੀ ਚੋਣਾਂ ਦੇ ਮੱਦੇਨਜ਼ਰ ਹੁਣ ਇਹ ਧਾਰਮਿਕ ਪ੍ਰੀਖਿਆ 19 ਅਤੇ 21 ਨਵੰਬਰ ਨੂੰ ਹੋਵੇਗੀ। ਉਨ੍ਹਾਂ ਸਮੂਹ ਸਕੂਲ ਪ੍ਰਬੰਧਕਾਂ ਅਤੇ ਧਾਰਮਿਕ ਪ੍ਰੀਖਿਆ ਵਿਚ ਵਿਦਿਆਰਥੀਆਂ ਨੂੰ ਇਹ ਤਬਦੀਲੀ ਅਨੁਸਾਰ ਪ੍ਰੀਖਿਆ ਵਿਚ ਸ਼ਾਮਲ ਹੋਣ ਲਈ ਕਿਹਾ। ਉਨ੍ਹਾਂ ਕਿਹਾ ਕਿ ਕਿਸੇ ਵੀ ਜਾਣਕਾਰੀ ਲਈ ਧਰਮ ਪ੍ਰਚਾਰ ਕਮੇਟੀ ਦੇ ਦਫ਼ਤਰ ਨਾਲ ਸੰਪਰਕ ਕੀਤਾ ਜਾਵੇ।
